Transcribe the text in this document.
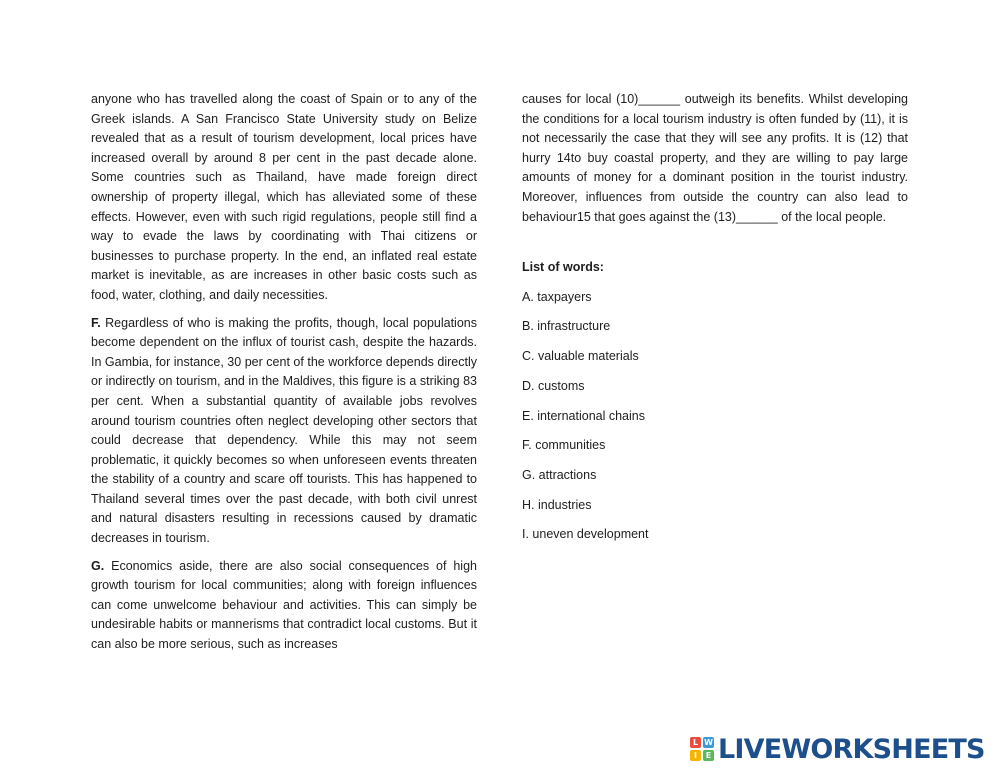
anyone who has travelled along the coast of Spain or to any of the Greek islands. A San Francisco State University study on Belize revealed that as a result of tourism development, local prices have increased overall by around 8 per cent in the past decade alone. Some countries such as Thailand, have made foreign direct ownership of property illegal, which has alleviated some of these effects. However, even with such rigid regulations, people still find a way to evade the laws by coordinating with Thai citizens or businesses to purchase property. In the end, an inflated real estate market is inevitable, as are increases in other basic costs such as food, water, clothing, and daily necessities.

F. Regardless of who is making the profits, though, local populations become dependent on the influx of tourist cash, despite the hazards. In Gambia, for instance, 30 per cent of the workforce depends directly or indirectly on tourism, and in the Maldives, this figure is a striking 83 per cent. When a substantial quantity of available jobs revolves around tourism countries often neglect developing other sectors that could decrease that dependency. While this may not seem problematic, it quickly becomes so when unforeseen events threaten the stability of a country and scare off tourists. This has happened to Thailand several times over the past decade, with both civil unrest and natural disasters resulting in recessions caused by dramatic decreases in tourism.

G. Economics aside, there are also social consequences of high growth tourism for local communities; along with foreign influences can come unwelcome behaviour and activities. This can simply be undesirable habits or mannerisms that contradict local customs. But it can also be more serious, such as increases

causes for local (10)______ outweigh its benefits. Whilst developing the conditions for a local tourism industry is often funded by (11), it is not necessarily the case that they will see any profits. It is (12) that hurry 14to buy coastal property, and they are willing to pay large amounts of money for a dominant position in the tourist industry. Moreover, influences from outside the country can also lead to behaviour15 that goes against the (13)______ of the local people.

List of words:
A. taxpayers
B. infrastructure
C. valuable materials
D. customs
E. international chains
F. communities
G. attractions
H. industries
I. uneven development
L W
I	E LIVEWORKSHEETS
